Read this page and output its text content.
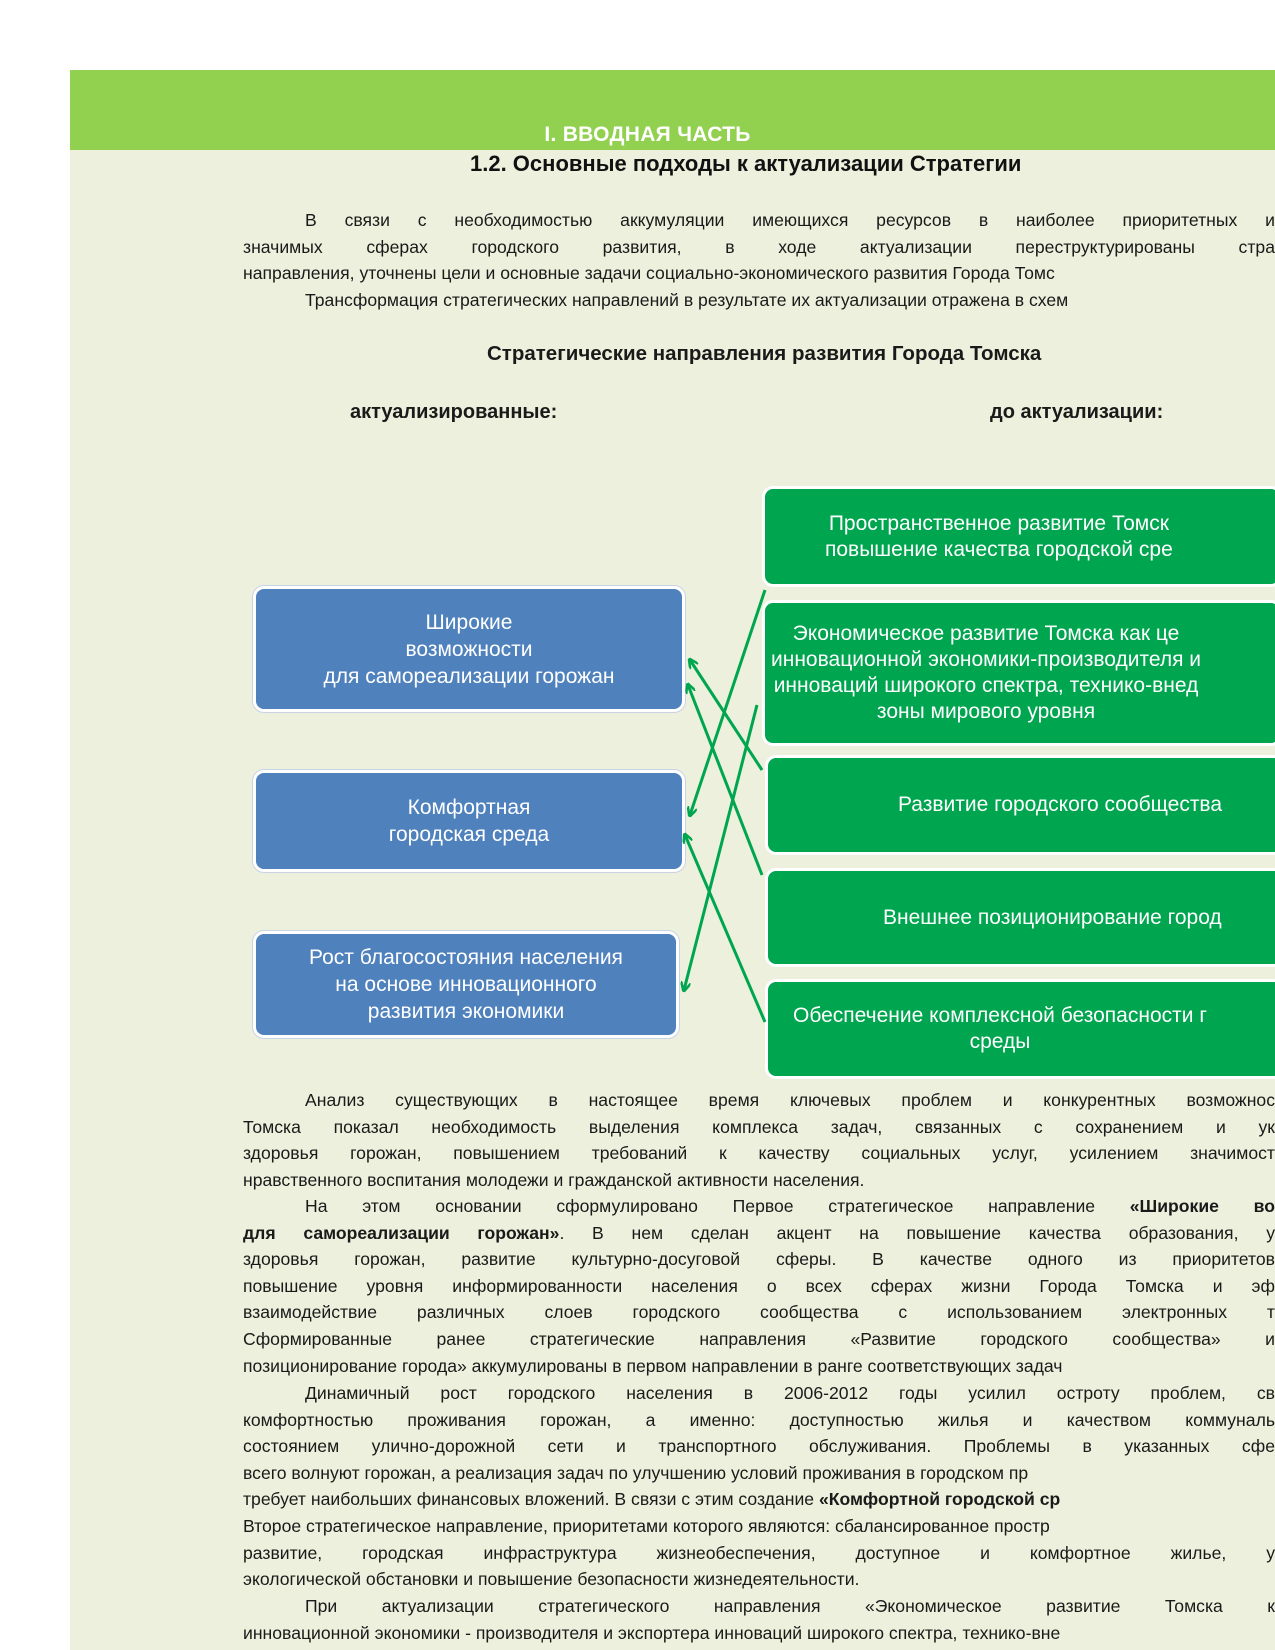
I. ВВОДНАЯ ЧАСТЬ
1.2. Основные подходы к актуализации Стратегии
В связи с необходимостью аккумуляции имеющихся ресурсов в наиболее приоритетных и
значимых сферах городского развития, в ходе актуализации переструктурированы стра
направления, уточнены цели и основные задачи социально-экономического развития Города Томс
Трансформация стратегических направлений в результате их актуализации отражена в схем
Стратегические направления развития Города Томска
актуализированные:	до актуализации:
Широкие
возможности
для самореализации горожан
Комфортная
городская среда
Рост благосостояния населения
на основе инновационного
развития экономики
Пространственное развитие Томск
повышение качества городской сре
Экономическое развитие Томска как це
инновационной экономики-производителя и
инноваций широкого спектра, технико-внед
зоны мирового уровня
Развитие городского сообщества
Внешнее позиционирование город
Обеспечение комплексной безопасности г
среды
Анализ существующих в настоящее время ключевых проблем и конкурентных возможнос
Томска показал необходимость выделения комплекса задач, связанных с сохранением и ук
здоровья горожан, повышением требований к качеству социальных услуг, усилением значимост
нравственного воспитания молодежи и гражданской активности населения.
На этом основании сформулировано Первое стратегическое направление «Широкие во
для самореализации горожан». В нем сделан акцент на повышение качества образования, у
здоровья горожан, развитие культурно-досуговой сферы. В качестве одного из приоритетов
повышение уровня информированности населения о всех сферах жизни Города Томска и эф
взаимодействие различных слоев городского сообщества с использованием электронных т
Сформированные ранее стратегические направления «Развитие городского сообщества» и
позиционирование города» аккумулированы в первом направлении в ранге соответствующих задач
Динамичный рост городского населения в 2006-2012 годы усилил остроту проблем, св
комфортностью проживания горожан, а именно: доступностью жилья и качеством коммуналь
состоянием улично-дорожной сети и транспортного обслуживания. Проблемы в указанных сфе
всего волнуют горожан, а реализация задач по улучшению условий проживания в городском пр
требует наибольших финансовых вложений. В связи с этим создание «Комфортной городской ср
Второе стратегическое направление, приоритетами которого являются: сбалансированное простр
развитие, городская инфраструктура жизнеобеспечения, доступное и комфортное жилье, у
экологической обстановки и повышение безопасности жизнедеятельности.
При актуализации стратегического направления «Экономическое развитие Томска к
инновационной экономики - производителя и экспортера инноваций широкого спектра, технико-вне
